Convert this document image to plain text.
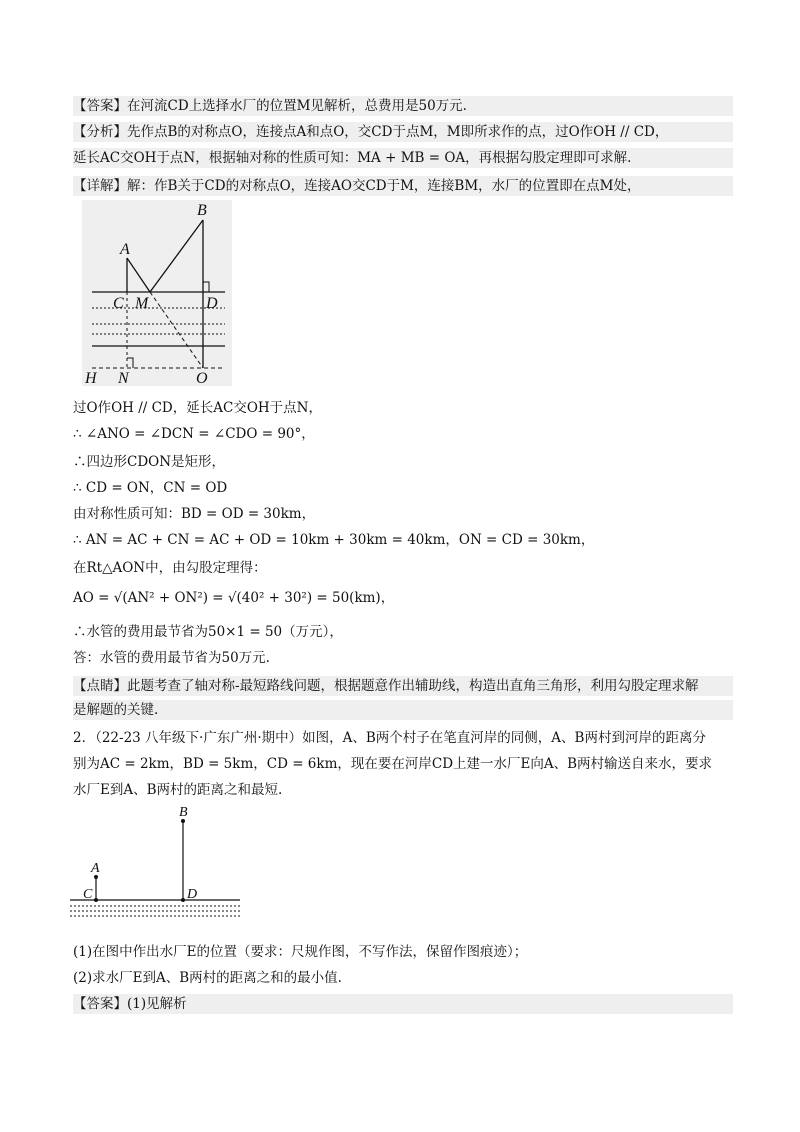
【答案】在河流CD上选择水厂的位置M见解析，总费用是50万元.
【分析】先作点B的对称点O，连接点A和点O，交CD于点M，M即所求作的点，过O作OH // CD，
延长AC交OH于点N，根据轴对称的性质可知：MA + MB = OA，再根据勾股定理即可求解.
【详解】解：作B关于CD的对称点O，连接AO交CD于M，连接BM，水厂的位置即在点M处，
B
A
C M	D
H N	O
过O作OH // CD，延长AC交OH于点N，
∴ ∠ANO = ∠DCN = ∠CDO = 90°，
∴四边形CDON是矩形，
∴ CD = ON，CN = OD
由对称性质可知：BD = OD = 30km，
∴ AN = AC + CN = AC + OD = 10km + 30km = 40km，ON = CD = 30km，
在Rt△AON中，由勾股定理得：
AO = √(AN² + ON²) = √(40² + 30²) = 50(km)，
∴水管的费用最节省为50×1 = 50（万元），
答：水管的费用最节省为50万元.
【点睛】此题考查了轴对称-最短路线问题，根据题意作出辅助线，构造出直角三角形，利用勾股定理求解
是解题的关键.
2．（22-23 八年级下·广东广州·期中）如图，A、B两个村子在笔直河岸的同侧，A、B两村到河岸的距离分
别为AC = 2km，BD = 5km，CD = 6km，现在要在河岸CD上建一水厂E向A、B两村输送自来水，要求
水厂E到A、B两村的距离之和最短.
A
B
C	D
(1)在图中作出水厂E的位置（要求：尺规作图，不写作法，保留作图痕迹）；
(2)求水厂E到A、B两村的距离之和的最小值.
【答案】(1)见解析
